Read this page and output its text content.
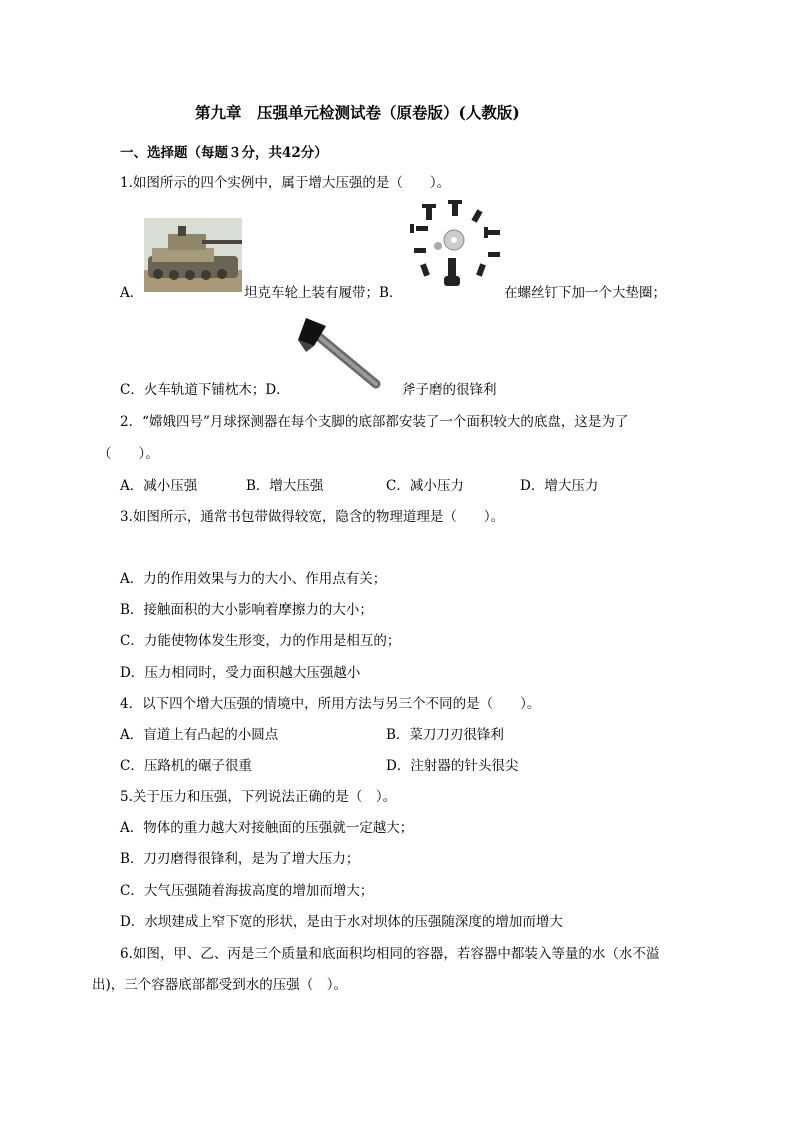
第九章　压强单元检测试卷（原卷版）(人教版)
一、选择题（每题３分，共42分）
1.如图所示的四个实例中，属于增大压强的是（　　）。
A．	坦克车轮上装有履带；B．	在螺丝钉下加一个大垫圈；
C．火车轨道下铺枕木；D．	斧子磨的很锋利
2．“嫦娥四号”月球探测器在每个支脚的底部都安装了一个面积较大的底盘，这是为了
（　　）。
A．减小压强	B．增大压强	C．减小压力	D．增大压力
3.如图所示，通常书包带做得较宽，隐含的物理道理是（　　）。
A．力的作用效果与力的大小、作用点有关；
B．接触面积的大小影响着摩擦力的大小；
C．力能使物体发生形变，力的作用是相互的；
D．压力相同时，受力面积越大压强越小
4．以下四个增大压强的情境中，所用方法与另三个不同的是（　　）。
A．盲道上有凸起的小圆点	B．菜刀刀刃很锋利
C．压路机的碾子很重	D．注射器的针头很尖
5.关于压力和压强，下列说法正确的是（　）。
A．物体的重力越大对接触面的压强就一定越大；
B．刀刃磨得很锋利，是为了增大压力；
C．大气压强随着海拔高度的增加而增大；
D．水坝建成上窄下宽的形状，是由于水对坝体的压强随深度的增加而增大
6.如图，甲、乙、丙是三个质量和底面积均相同的容器，若容器中都装入等量的水（水不溢
出)，三个容器底部都受到水的压强（　）。
